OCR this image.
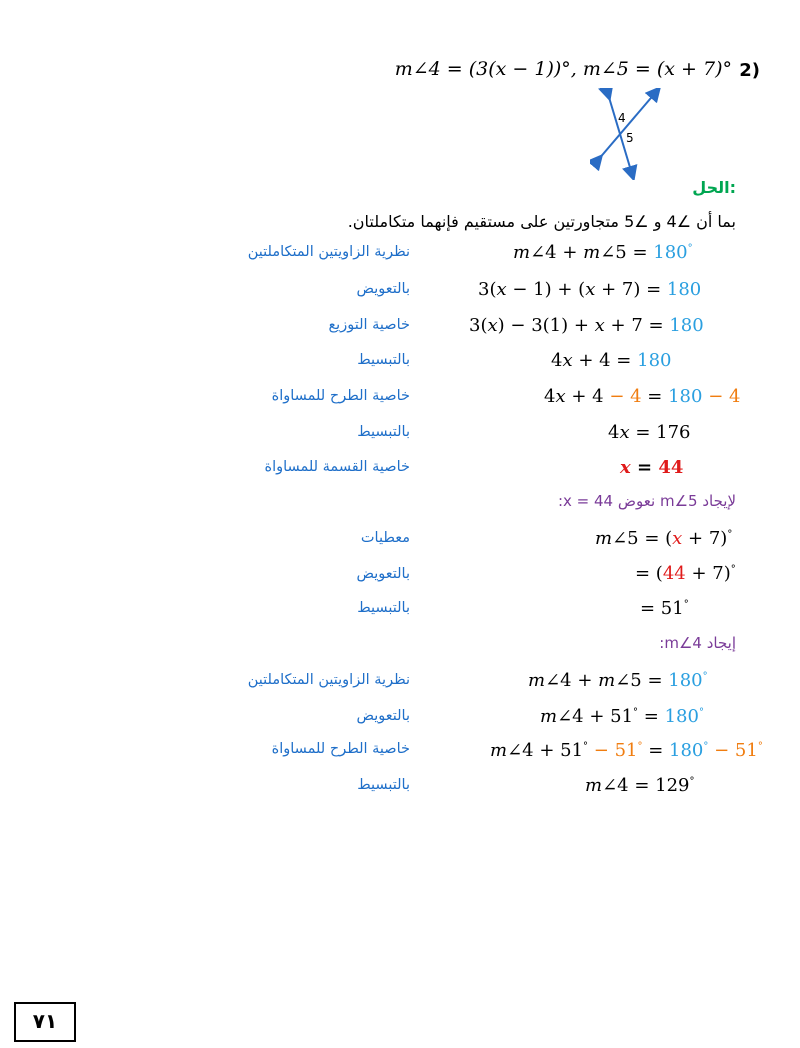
m∠4 = (3(x − 1))°, m∠5 = (x + 7)° 2)
4
5
الحل:
بما أن ∠4 و ∠5 متجاورتين على مستقيم فإنهما متكاملتان.
نظرية الزاويتين المتكاملتين
بالتعويض
خاصية التوزيع
بالتبسيط
خاصية الطرح للمساواة
بالتبسيط
خاصية القسمة للمساواة
m∠4 + m∠5 = 180°
3(x − 1) + (x + 7) = 180
3(x) − 3(1) + x + 7 = 180
4x + 4 = 180
4x + 4 − 4 = 180 − 4
4x = 176
x = 44
لإيجاد m∠5 نعوض x = 44:
معطيات
بالتعويض
بالتبسيط
m∠5 = (x + 7)°
= (44 + 7)°
= 51°
إيجاد m∠4:
نظرية الزاويتين المتكاملتين
بالتعويض
خاصية الطرح للمساواة
بالتبسيط
m∠4 + m∠5 = 180°
m∠4 + 51° = 180°
m∠4 + 51° − 51° = 180° − 51°
m∠4 = 129°
٧١
